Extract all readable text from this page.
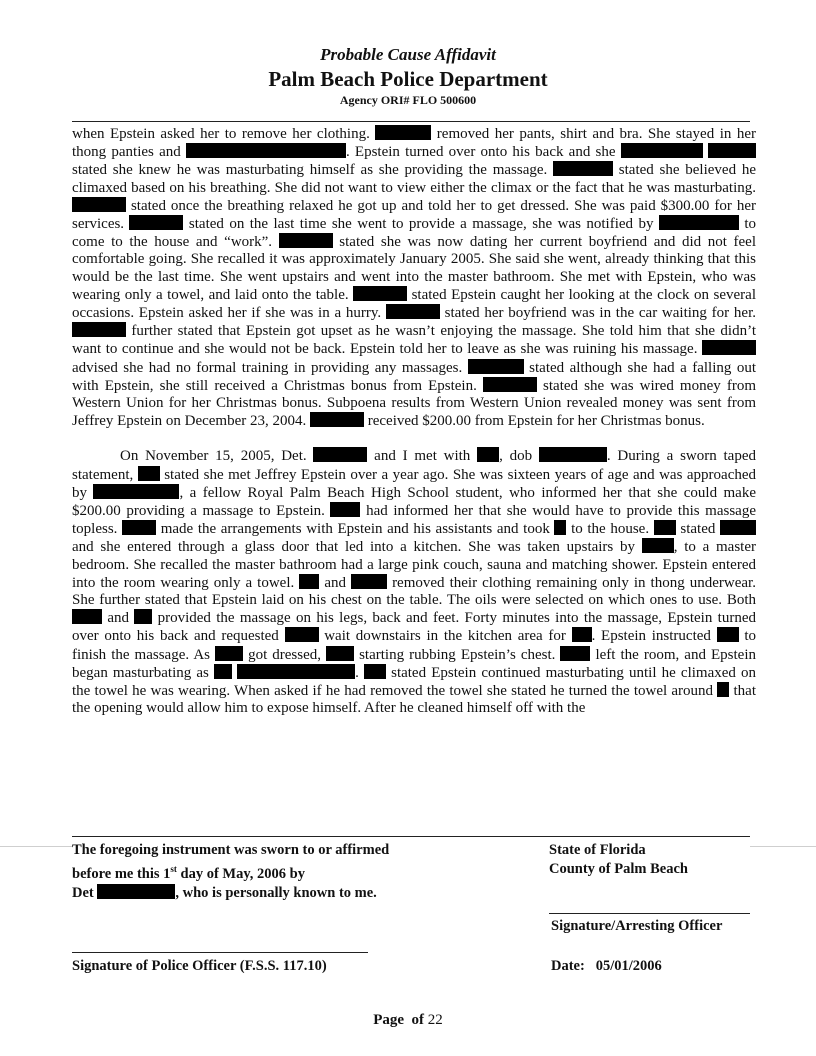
Probable Cause Affidavit
Palm Beach Police Department
Agency ORI# FLO 500600

when Epstein asked her to remove her clothing.	removed her pants, shirt and bra. She stayed in her thong panties and	. Epstein turned over onto his back and she   stated she knew he was masturbating himself as she providing the massage.	stated she believed he climaxed based on his breathing. She did not want to view either the climax or the fact that he was masturbating.  stated once the breathing relaxed he got up and told her to get dressed. She was paid $300.00 for her services.	stated on the last time she went to provide a massage, she was notified by	to come to the house and “work”.	stated she was now dating her current boyfriend and did not feel comfortable going. She recalled it was approximately January 2005. She said she went, already thinking that this would be the last time. She went upstairs and went into the master bathroom. She met with Epstein, who was wearing only a towel, and laid onto the table.	stated Epstein caught her looking at the clock on several occasions. Epstein asked her if she was in a hurry.	stated her boyfriend was in the car waiting for her.  further stated that Epstein got upset as he wasn’t enjoying the massage. She told him that she didn’t want to continue and she would not be back. Epstein told her to leave as she was ruining his massage.  advised she had no formal training in providing any massages.	stated although she had a falling out with Epstein, she still received a Christmas bonus from Epstein.	stated she was wired money from Western Union for her Christmas bonus. Subpoena results from Western Union revealed money was sent from Jeffrey Epstein on December 23, 2004.	received $200.00 from Epstein for her Christmas bonus.

On November 15, 2005, Det.	and I met with , dob	. During a sworn taped statement,  stated she met Jeffrey Epstein over a year ago. She was sixteen years of age and was approached by	, a fellow Royal Palm Beach High School student, who informed her that she could make $200.00 providing a massage to Epstein.  had informed her that she would have to provide this massage topless.  made the arrangements with Epstein and his assistants and took  to the house.  stated  and she entered through a glass door that led into a kitchen. She was taken upstairs by , to a master bedroom. She recalled the master bathroom had a large pink couch, sauna and matching shower. Epstein entered into the room wearing only a towel.  and  removed their clothing remaining only in thong underwear. She further stated that Epstein laid on his chest on the table. The oils were selected on which ones to use. Both  and  provided the massage on his legs, back and feet. Forty minutes into the massage, Epstein turned over onto his back and requested  wait downstairs in the kitchen area for . Epstein instructed  to finish the massage. As  got dressed,  starting rubbing Epstein’s chest.  left the room, and Epstein began masturbating as	.  stated Epstein continued masturbating until he climaxed on the towel he was wearing. When asked if he had removed the towel she stated he turned the towel around  that the opening would allow him to expose himself. After he cleaned himself off with the

The foregoing instrument was sworn to or affirmed
before me this 1st day of May, 2006 by
Det	, who is personally known to me.
State of Florida
County of Palm Beach
Signature/Arresting Officer
Signature of Police Officer (F.S.S. 117.10)	Date: 05/01/2006
Page of 22
